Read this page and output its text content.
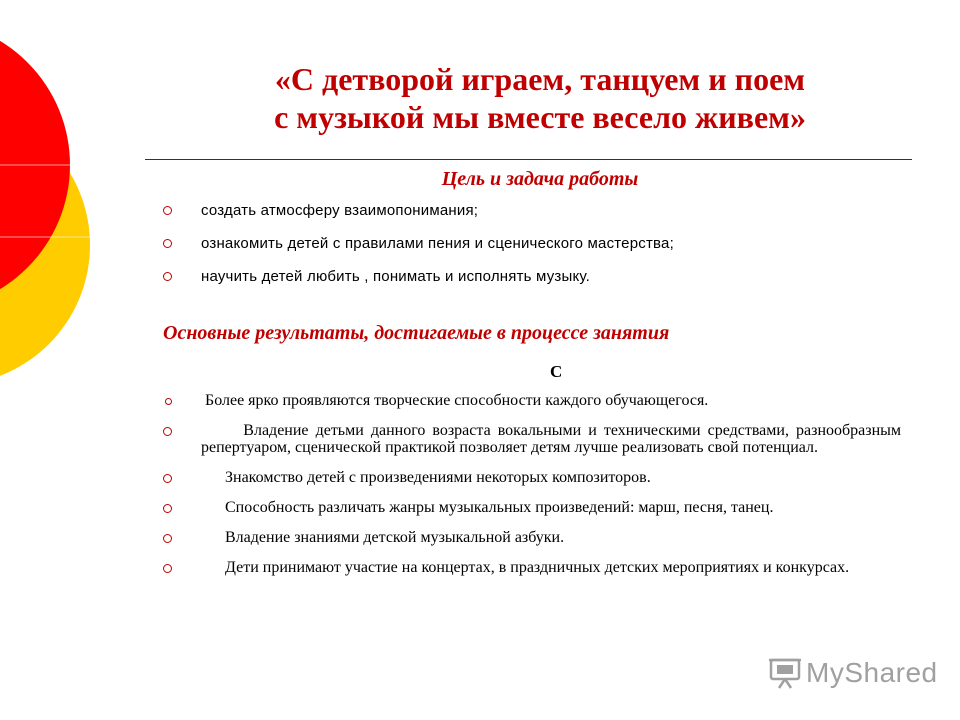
«С детворой играем, танцуем и поем
с музыкой мы вместе весело живем»
Цель и задача работы
создать атмосферу взаимопонимания;
ознакомить детей с правилами пения и сценического мастерства;
научить детей любить , понимать и исполнять музыку.
Основные результаты, достигаемые в процессе занятия
С
Более ярко проявляются творческие способности каждого обучающегося.
Владение детьми данного возраста вокальными и техническими средствами, разнообразным репертуаром, сценической практикой позволяет детям лучше реализовать свой потенциал.
Знакомство детей с произведениями некоторых композиторов.
Способность различать жанры музыкальных произведений: марш, песня, танец.
Владение знаниями детской музыкальной азбуки.
Дети принимают участие на концертах, в праздничных детских мероприятиях и конкурсах.
MyShared
